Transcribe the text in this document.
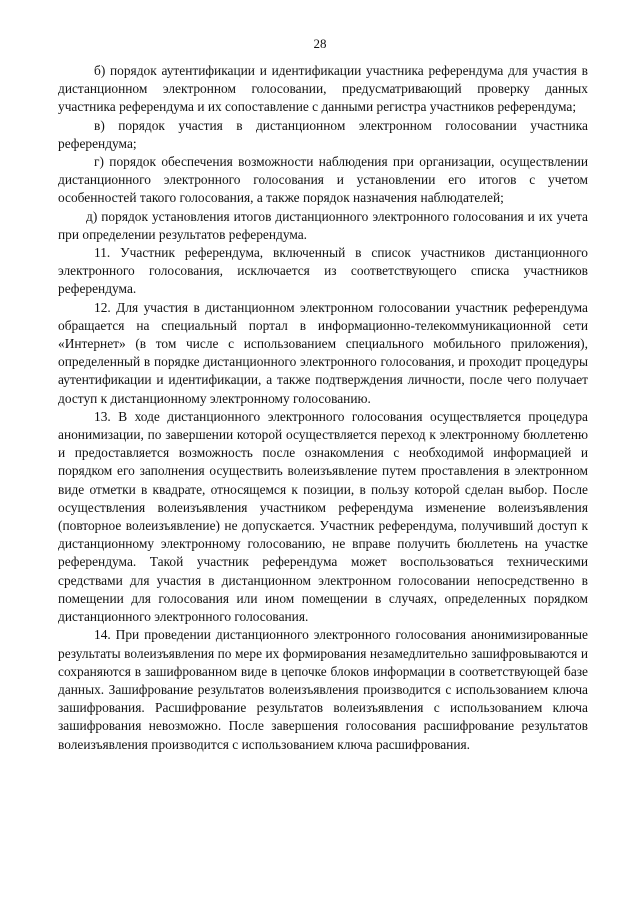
28

б) порядок аутентификации и идентификации участника референдума для участия в дистанционном электронном голосовании, предусматривающий проверку данных участника референдума и их сопоставление с данными регистра участников референдума;

в) порядок участия в дистанционном электронном голосовании участника референдума;

г) порядок обеспечения возможности наблюдения при организации, осуществлении дистанционного электронного голосования и установлении его итогов с учетом особенностей такого голосования, а также порядок назначения наблюдателей;

д) порядок установления итогов дистанционного электронного голосования и их учета при определении результатов референдума.

11. Участник референдума, включенный в список участников дистанционного электронного голосования, исключается из соответствующего списка участников референдума.

12. Для участия в дистанционном электронном голосовании участник референдума обращается на специальный портал в информационно-телекоммуникационной сети «Интернет» (в том числе с использованием специального мобильного приложения), определенный в порядке дистанционного электронного голосования, и проходит процедуры аутентификации и идентификации, а также подтверждения личности, после чего получает доступ к дистанционному электронному голосованию.

13. В ходе дистанционного электронного голосования осуществляется процедура анонимизации, по завершении которой осуществляется переход к электронному бюллетеню и предоставляется возможность после ознакомления с необходимой информацией и порядком его заполнения осуществить волеизъявление путем проставления в электронном виде отметки в квадрате, относящемся к позиции, в пользу которой сделан выбор. После осуществления волеизъявления участником референдума изменение волеизъявления (повторное волеизъявление) не допускается. Участник референдума, получивший доступ к дистанционному электронному голосованию, не вправе получить бюллетень на участке референдума. Такой участник референдума может воспользоваться техническими средствами для участия в дистанционном электронном голосовании непосредственно в помещении для голосования или ином помещении в случаях, определенных порядком дистанционного электронного голосования.

14. При проведении дистанционного электронного голосования анонимизированные результаты волеизъявления по мере их формирования незамедлительно зашифровываются и сохраняются в зашифрованном виде в цепочке блоков информации в соответствующей базе данных. Зашифрование результатов волеизъявления производится с использованием ключа зашифрования. Расшифрование результатов волеизъявления с использованием ключа зашифрования невозможно. После завершения голосования расшифрование результатов волеизъявления производится с использованием ключа расшифрования.
